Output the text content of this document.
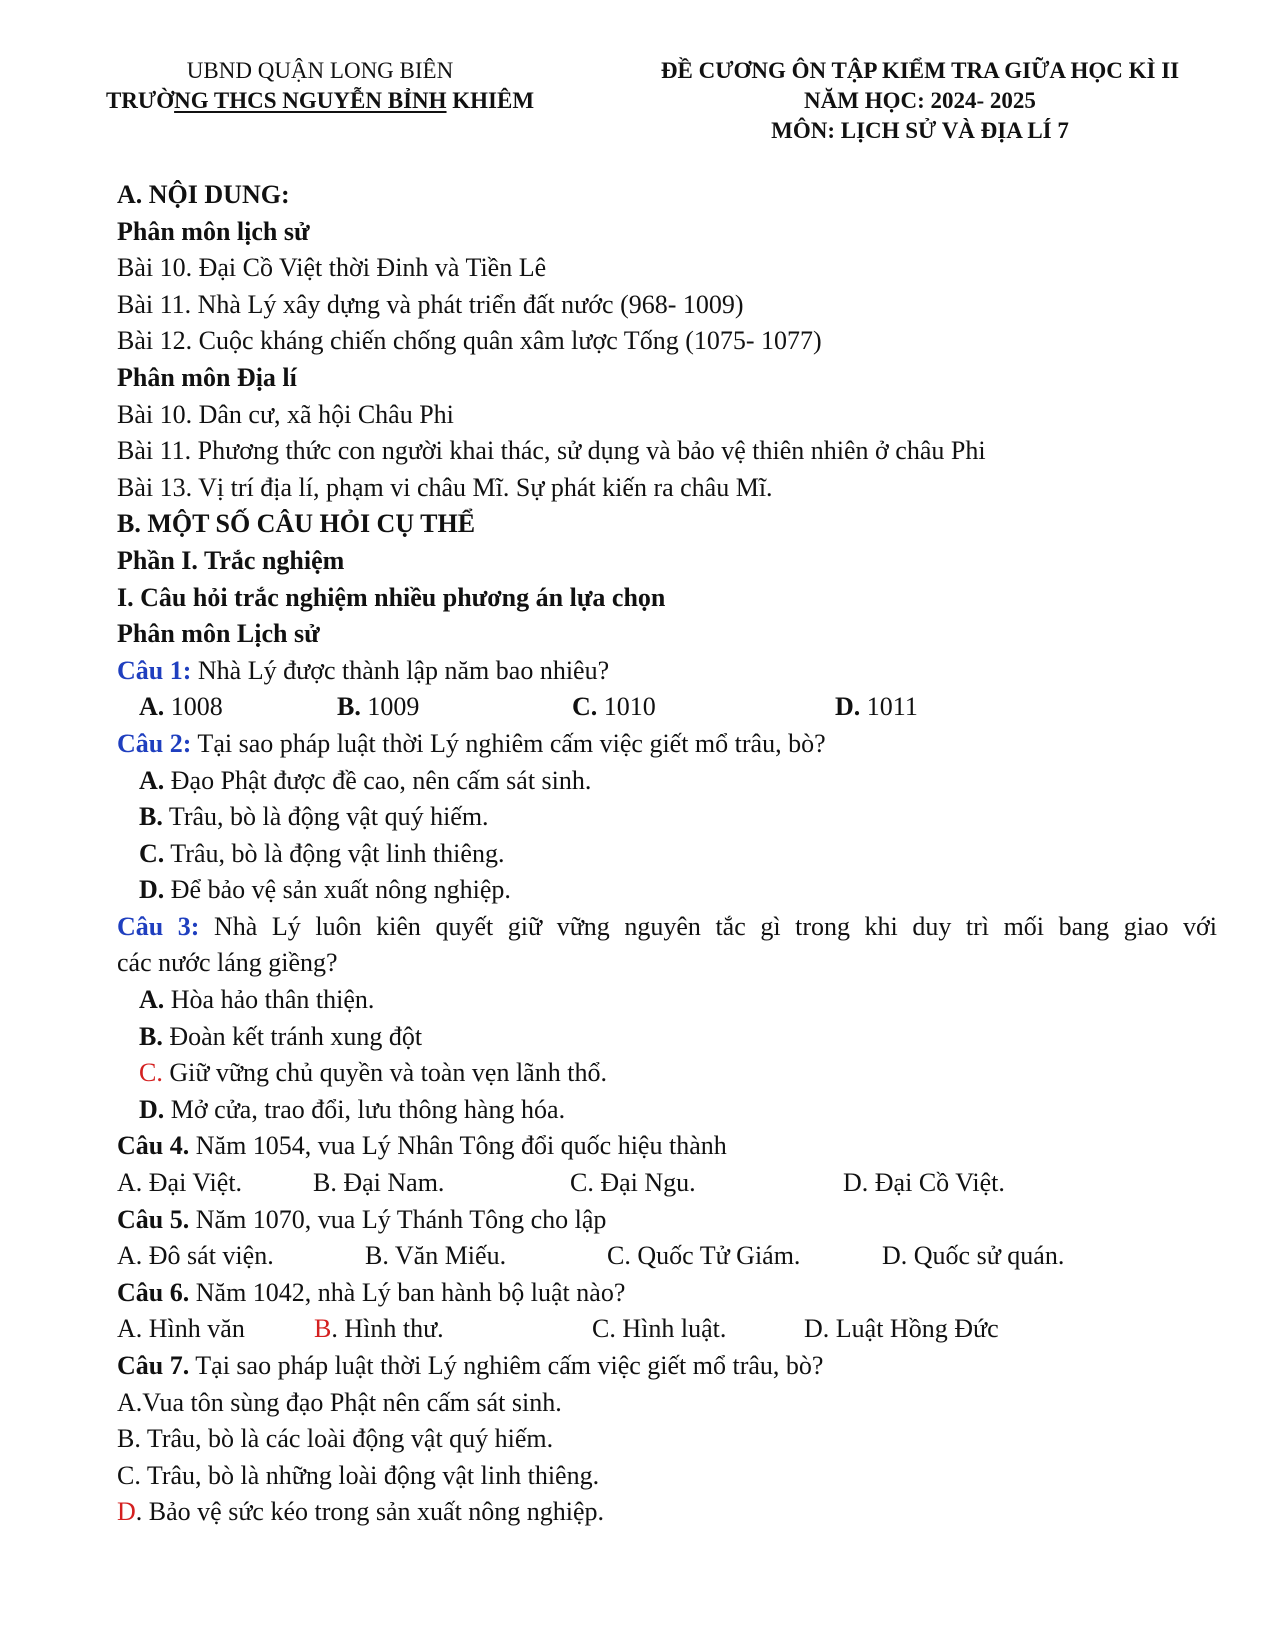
UBND QUẬN LONG BIÊN
TRƯỜNG THCS NGUYỄN BỈNH KHIÊM
ĐỀ CƯƠNG ÔN TẬP KIỂM TRA GIỮA HỌC KÌ II
NĂM HỌC: 2024- 2025
MÔN: LỊCH SỬ VÀ ĐỊA LÍ 7
A. NỘI DUNG:
Phân môn lịch sử
Bài 10. Đại Cồ Việt thời Đinh và Tiền Lê
Bài 11. Nhà Lý xây dựng và phát triển đất nước (968- 1009)
Bài 12. Cuộc kháng chiến chống quân xâm lược Tống (1075- 1077)
Phân môn Địa lí
Bài 10. Dân cư, xã hội Châu Phi
Bài 11. Phương thức con người khai thác, sử dụng và bảo vệ thiên nhiên ở châu Phi
Bài 13. Vị trí địa lí, phạm vi châu Mĩ. Sự phát kiến ra châu Mĩ.
B. MỘT SỐ CÂU HỎI CỤ THỂ
Phần I. Trắc nghiệm
I. Câu hỏi trắc nghiệm nhiều phương án lựa chọn
Phân môn Lịch sử
Câu 1: Nhà Lý được thành lập năm bao nhiêu?
A. 1008	B. 1009	C. 1010	D. 1011
Câu 2: Tại sao pháp luật thời Lý nghiêm cấm việc giết mổ trâu, bò?
A. Đạo Phật được đề cao, nên cấm sát sinh.
B. Trâu, bò là động vật quý hiếm.
C. Trâu, bò là động vật linh thiêng.
D. Để bảo vệ sản xuất nông nghiệp.
Câu 3: Nhà Lý luôn kiên quyết giữ vững nguyên tắc gì trong khi duy trì mối bang giao với
các nước láng giềng?
A. Hòa hảo thân thiện.
B. Đoàn kết tránh xung đột
C. Giữ vững chủ quyền và toàn vẹn lãnh thổ.
D. Mở cửa, trao đổi, lưu thông hàng hóa.
Câu 4. Năm 1054, vua Lý Nhân Tông đổi quốc hiệu thành
A. Đại Việt.	B. Đại Nam.	C. Đại Ngu.	D. Đại Cồ Việt.
Câu 5. Năm 1070, vua Lý Thánh Tông cho lập
A. Đô sát viện.	B. Văn Miếu.	C. Quốc Tử Giám.	D. Quốc sử quán.
Câu 6. Năm 1042, nhà Lý ban hành bộ luật nào?
A. Hình văn	B. Hình thư.	C. Hình luật.	D. Luật Hồng Đức
Câu 7. Tại sao pháp luật thời Lý nghiêm cấm việc giết mổ trâu, bò?
A.Vua tôn sùng đạo Phật nên cấm sát sinh.
B. Trâu, bò là các loài động vật quý hiếm.
C. Trâu, bò là những loài động vật linh thiêng.
D. Bảo vệ sức kéo trong sản xuất nông nghiệp.
